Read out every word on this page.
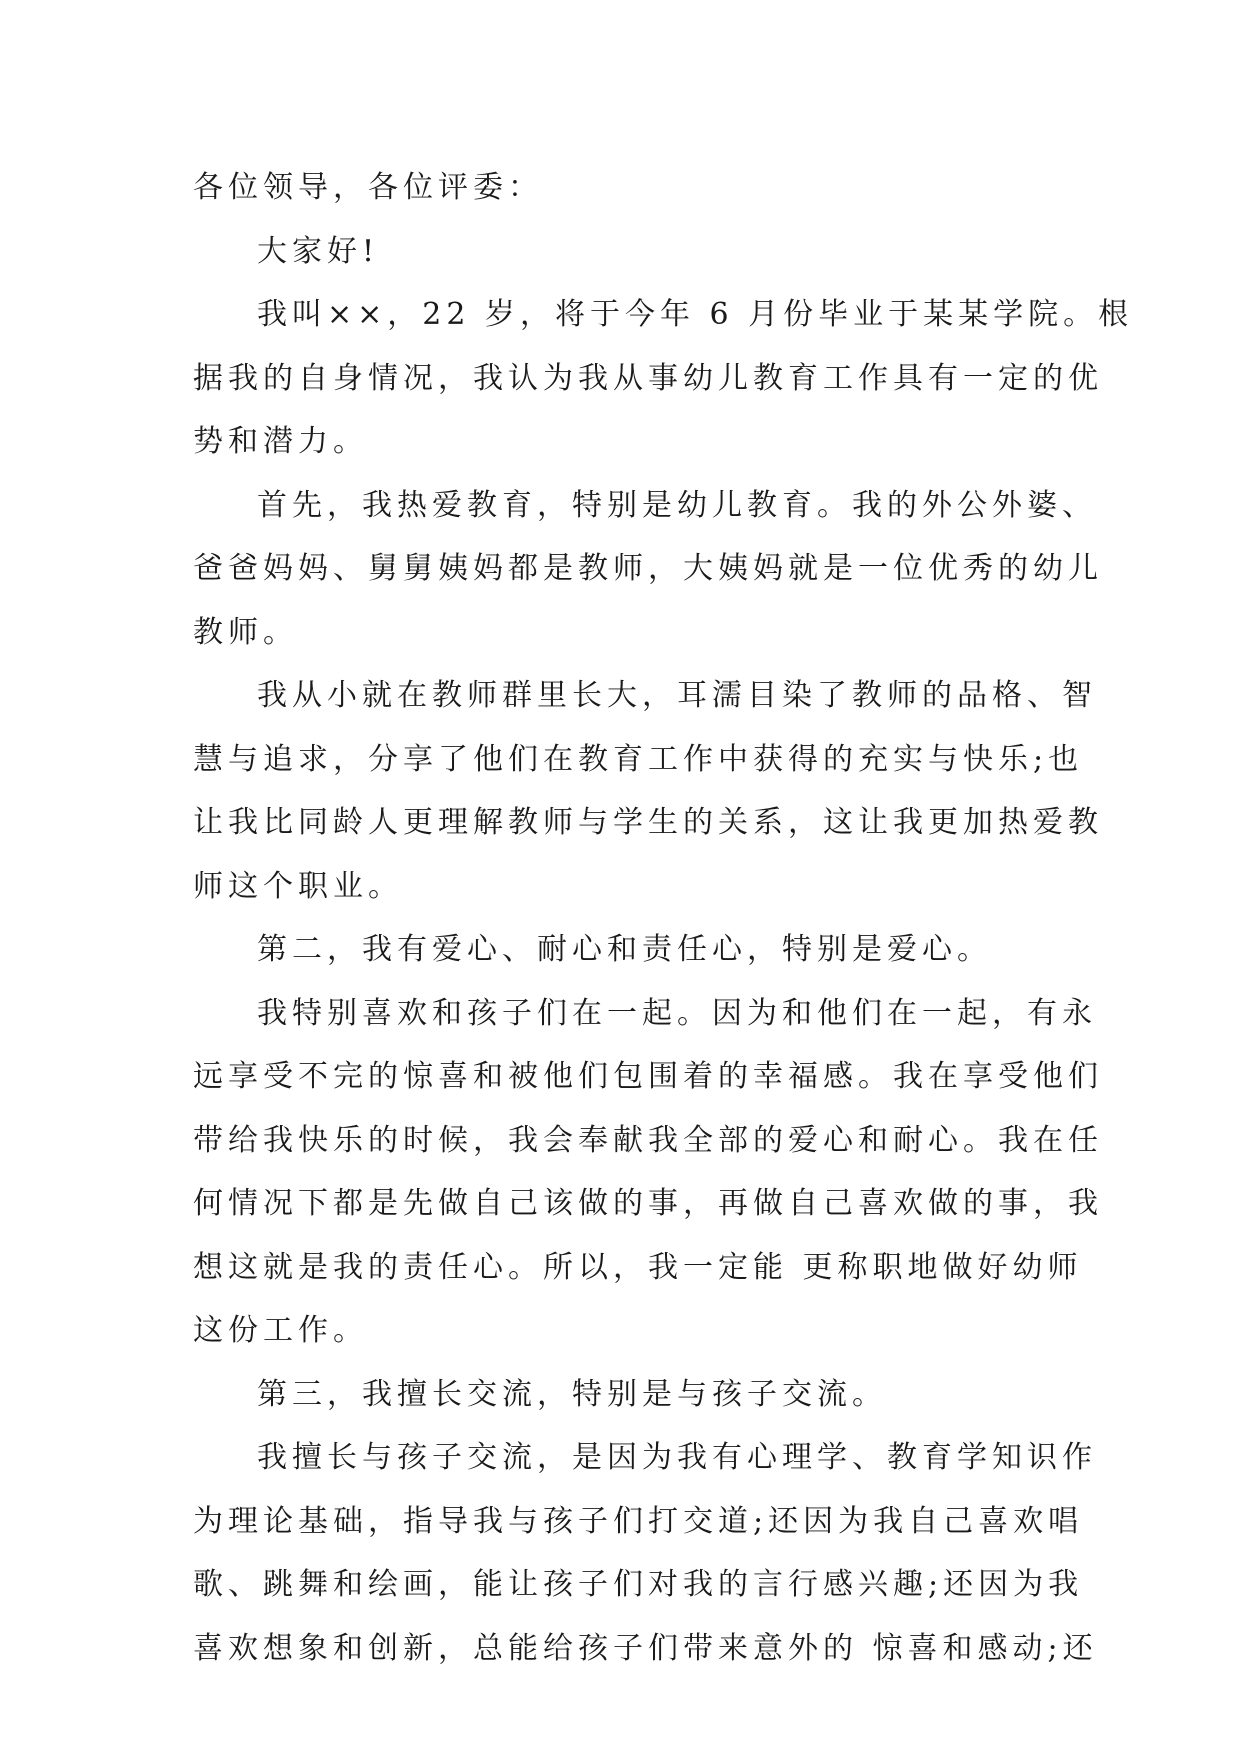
各位领导，各位评委：
大家好!
我叫××，22 岁，将于今年 6 月份毕业于某某学院。根
据我的自身情况，我认为我从事幼儿教育工作具有一定的优
势和潜力。
首先，我热爱教育，特别是幼儿教育。我的外公外婆、
爸爸妈妈、舅舅姨妈都是教师，大姨妈就是一位优秀的幼儿
教师。
我从小就在教师群里长大，耳濡目染了教师的品格、智
慧与追求，分享了他们在教育工作中获得的充实与快乐;也
让我比同龄人更理解教师与学生的关系，这让我更加热爱教
师这个职业。
第二，我有爱心、耐心和责任心，特别是爱心。
我特别喜欢和孩子们在一起。因为和他们在一起，有永
远享受不完的惊喜和被他们包围着的幸福感。我在享受他们
带给我快乐的时候，我会奉献我全部的爱心和耐心。我在任
何情况下都是先做自己该做的事，再做自己喜欢做的事，我
想这就是我的责任心。所以，我一定能 更称职地做好幼师
这份工作。
第三，我擅长交流，特别是与孩子交流。
我擅长与孩子交流，是因为我有心理学、教育学知识作
为理论基础，指导我与孩子们打交道;还因为我自己喜欢唱
歌、跳舞和绘画，能让孩子们对我的言行感兴趣;还因为我
喜欢想象和创新，总能给孩子们带来意外的 惊喜和感动;还
